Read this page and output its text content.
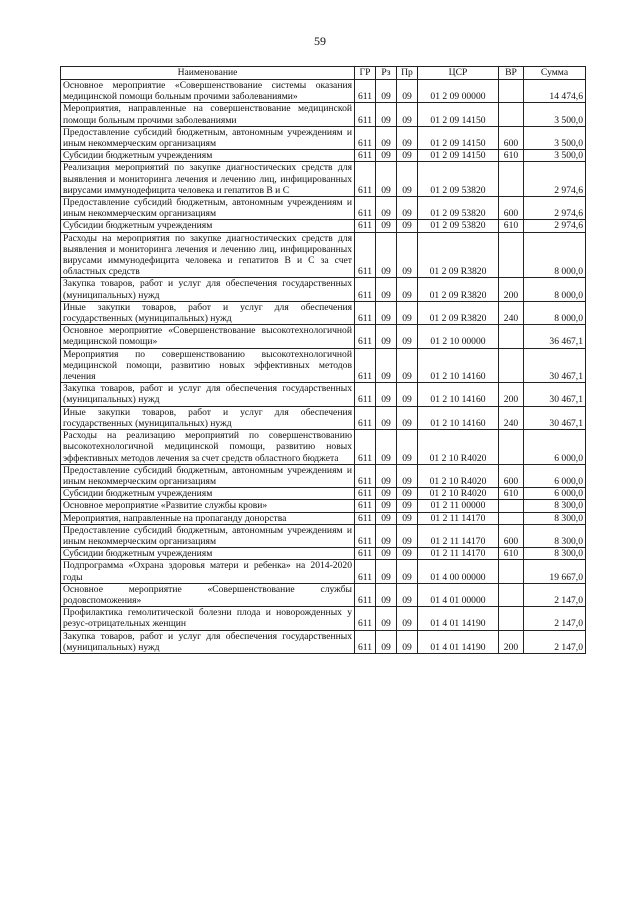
59
Наименование	ГР	Рз	Пр	ЦСР	ВР	Сумма
Основное мероприятие «Совершенствование системы оказания медицинской помощи больным прочими заболеваниями»	611	09	09	01 2 09 00000		14 474,6
Мероприятия, направленные на совершенствование медицинской помощи больным прочими заболеваниями	611	09	09	01 2 09 14150		3 500,0
Предоставление субсидий бюджетным, автономным учреждениям и иным некоммерческим организациям	611	09	09	01 2 09 14150	600	3 500,0
Субсидии бюджетным учреждениям	611	09	09	01 2 09 14150	610	3 500,0
Реализация мероприятий по закупке диагностических средств для выявления и мониторинга лечения и лечению лиц, инфицированных вирусами иммунодефицита человека и гепатитов В и С	611	09	09	01 2 09 53820		2 974,6
Предоставление субсидий бюджетным, автономным учреждениям и иным некоммерческим организациям	611	09	09	01 2 09 53820	600	2 974,6
Субсидии бюджетным учреждениям	611	09	09	01 2 09 53820	610	2 974,6
Расходы на мероприятия по закупке диагностических средств для выявления и мониторинга лечения и лечению лиц, инфицированных вирусами иммунодефицита человека и гепатитов В и С за счет областных средств	611	09	09	01 2 09 R3820		8 000,0
Закупка товаров, работ и услуг для обеспечения государственных (муниципальных) нужд	611	09	09	01 2 09 R3820	200	8 000,0
Иные закупки товаров, работ и услуг для обеспечения государственных (муниципальных) нужд	611	09	09	01 2 09 R3820	240	8 000,0
Основное мероприятие «Совершенствование высокотехнологичной медицинской помощи»	611	09	09	01 2 10 00000		36 467,1
Мероприятия по совершенствованию высокотехнологичной медицинской помощи, развитию новых эффективных методов лечения	611	09	09	01 2 10 14160		30 467,1
Закупка товаров, работ и услуг для обеспечения государственных (муниципальных) нужд	611	09	09	01 2 10 14160	200	30 467,1
Иные закупки товаров, работ и услуг для обеспечения государственных (муниципальных) нужд	611	09	09	01 2 10 14160	240	30 467,1
Расходы на реализацию мероприятий по совершенствованию высокотехнологичной медицинской помощи, развитию новых эффективных методов лечения за счет средств областного бюджета	611	09	09	01 2 10 R4020		6 000,0
Предоставление субсидий бюджетным, автономным учреждениям и иным некоммерческим организациям	611	09	09	01 2 10 R4020	600	6 000,0
Субсидии бюджетным учреждениям	611	09	09	01 2 10 R4020	610	6 000,0
Основное мероприятие «Развитие службы крови»	611	09	09	01 2 11 00000		8 300,0
Мероприятия, направленные на пропаганду донорства	611	09	09	01 2 11 14170		8 300,0
Предоставление субсидий бюджетным, автономным учреждениям и иным некоммерческим организациям	611	09	09	01 2 11 14170	600	8 300,0
Субсидии бюджетным учреждениям	611	09	09	01 2 11 14170	610	8 300,0
Подпрограмма «Охрана здоровья матери и ребенка» на 2014-2020 годы	611	09	09	01 4 00 00000		19 667,0
Основное мероприятие «Совершенствование службы родовспоможения»	611	09	09	01 4 01 00000		2 147,0
Профилактика гемолитической болезни плода и новорожденных у резус-отрицательных женщин	611	09	09	01 4 01 14190		2 147,0
Закупка товаров, работ и услуг для обеспечения государственных (муниципальных) нужд	611	09	09	01 4 01 14190	200	2 147,0
